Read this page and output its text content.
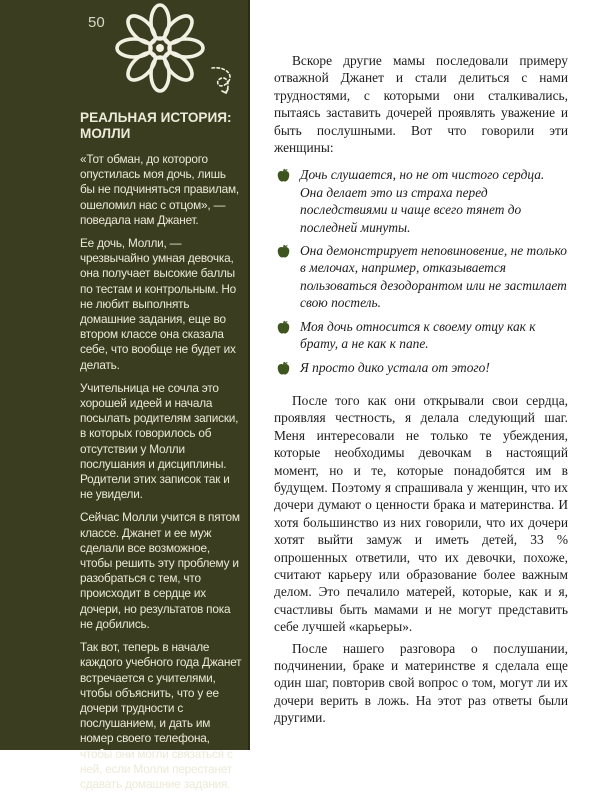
50
РЕАЛЬНАЯ ИСТОРИЯ:
МОЛЛИ

«Тот обман, до которого опустилась моя дочь, лишь бы не подчиняться правилам, ошеломил нас с отцом», — поведала нам Джанет.

Ее дочь, Молли, — чрезвычайно умная девочка, она получает высокие баллы по тестам и контрольным. Но не любит выполнять домашние задания, еще во втором классе она сказала себе, что вообще не будет их делать.

Учительница не сочла это хорошей идеей и начала посылать родителям записки, в которых говорилось об отсутствии у Молли послушания и дисциплины. Родители этих записок так и не увидели.

Сейчас Молли учится в пятом классе. Джанет и ее муж сделали все возможное, чтобы решить эту проблему и разобраться с тем, что происходит в сердце их дочери, но результатов пока не добились.

Так вот, теперь в начале каждого учебного года Джанет встречается с учителями, чтобы объяснить, что у ее дочери трудности с послушанием, и дать им номер своего телефона, чтобы они могли связаться с ней, если Молли перестанет сдавать домашние задания.

Вскоре другие мамы последовали примеру отважной Джанет и стали делиться с нами трудностями, с которыми они сталкивались, пытаясь заставить дочерей проявлять уважение и быть послушными. Вот что говорили эти женщины:

Дочь слушается, но не от чистого сердца. Она делает это из страха перед последствиями и чаще всего тянет до последней минуты.
Она демонстрирует неповиновение, не только в мелочах, например, отказывается пользоваться дезодорантом или не застилает свою постель.
Моя дочь относится к своему отцу как к брату, а не как к папе.
Я просто дико устала от этого!

После того как они открывали свои сердца, проявляя честность, я делала следующий шаг. Меня интересовали не только те убеждения, которые необходимы девочкам в настоящий момент, но и те, которые понадобятся им в будущем. Поэтому я спрашивала у женщин, что их дочери думают о ценности брака и материнства. И хотя большинство из них говорили, что их дочери хотят выйти замуж и иметь детей, 33 % опрошенных ответили, что их девочки, похоже, считают карьеру или образование более важным делом. Это печалило матерей, которые, как и я, счастливы быть мамами и не могут представить себе лучшей «карьеры».

После нашего разговора о послушании, подчинении, браке и материнстве я сделала еще один шаг, повторив свой вопрос о том, могут ли их дочери верить в ложь. На этот раз ответы были другими.
